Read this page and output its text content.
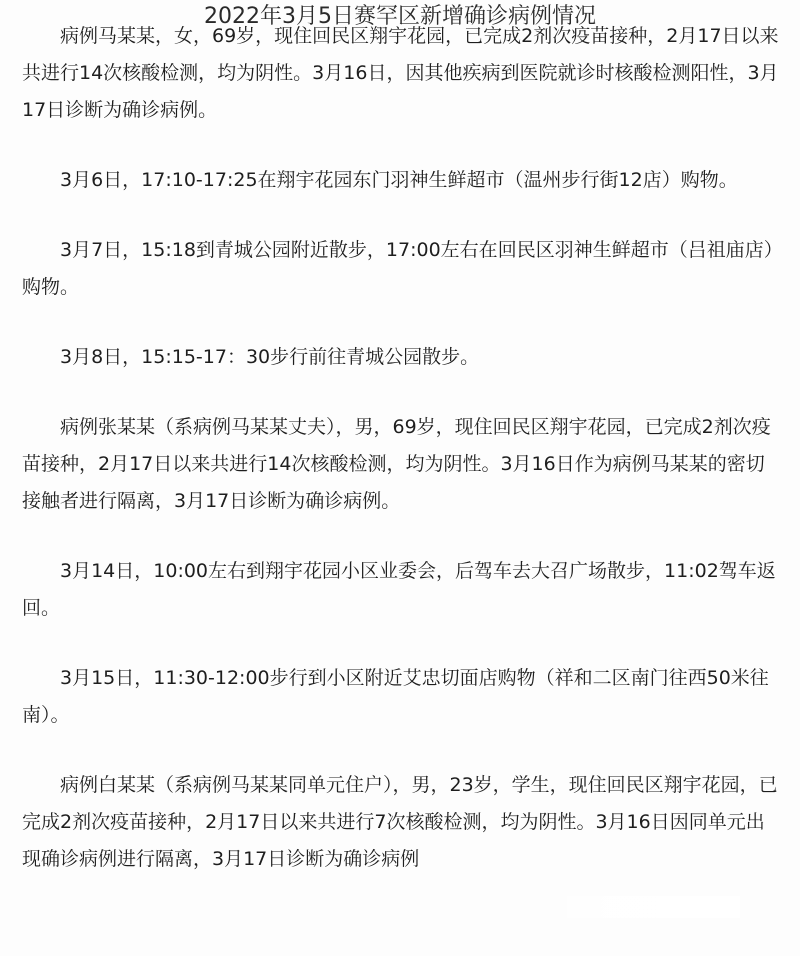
2022年3月5日赛罕区新增确诊病例情况

病例马某某，女，69岁，现住回民区翔宇花园，已完成2剂次疫苗接种，2月17日以来共进行14次核酸检测，均为阴性。3月16日，因其他疾病到医院就诊时核酸检测阳性，3月17日诊断为确诊病例。

3月6日，17:10-17:25在翔宇花园东门羽神生鲜超市（温州步行街12店）购物。

3月7日，15:18到青城公园附近散步，17:00左右在回民区羽神生鲜超市（吕祖庙店）购物。

3月8日，15:15-17：30步行前往青城公园散步。

病例张某某（系病例马某某丈夫），男，69岁，现住回民区翔宇花园，已完成2剂次疫苗接种，2月17日以来共进行14次核酸检测，均为阴性。3月16日作为病例马某某的密切接触者进行隔离，3月17日诊断为确诊病例。

3月14日，10:00左右到翔宇花园小区业委会，后驾车去大召广场散步，11:02驾车返回。

3月15日，11:30-12:00步行到小区附近艾忠切面店购物（祥和二区南门往西50米往南）。

病例白某某（系病例马某某同单元住户），男，23岁，学生，现住回民区翔宇花园，已完成2剂次疫苗接种，2月17日以来共进行7次核酸检测，均为阴性。3月16日因同单元出现确诊病例进行隔离，3月17日诊断为确诊病例
